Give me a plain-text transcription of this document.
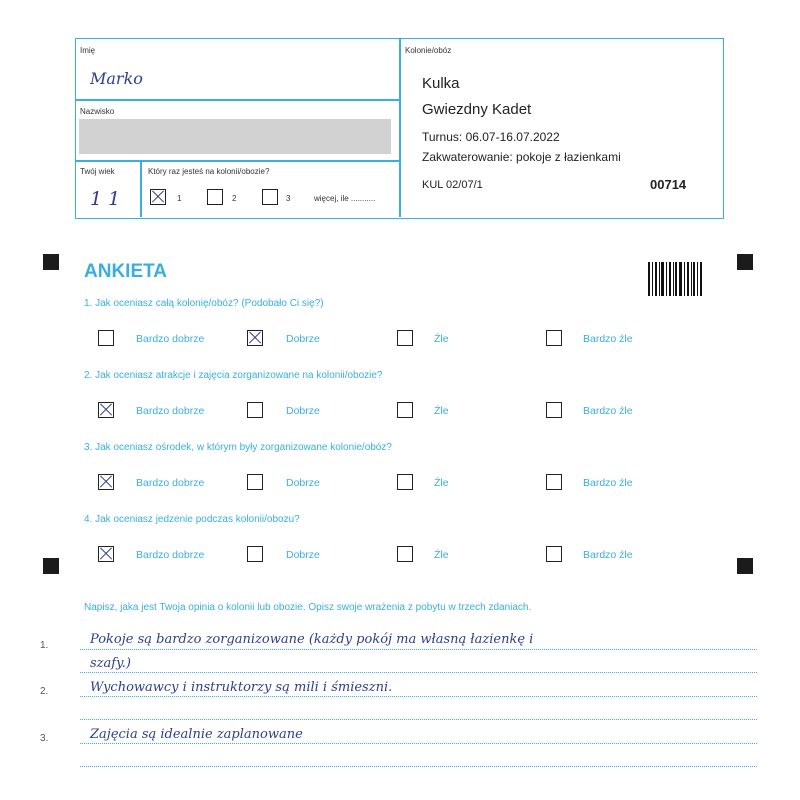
Imię
Marko
Nazwisko
Twój wiek
11
Który raz jesteś na kolonii/obozie?
1	2	3	więcej, ile ...........
Kolonie/obóz
Kulka
Gwiezdny Kadet
Turnus: 06.07-16.07.2022
Zakwaterowanie: pokoje z łazienkami
KUL 02/07/1	00714
ANKIETA
1. Jak oceniasz całą kolonię/obóz? (Podobało Ci się?)
Bardzo dobrze	Dobrze	Źle	Bardzo źle
2. Jak oceniasz atrakcje i zajęcia zorganizowane na kolonii/obozie?
Bardzo dobrze	Dobrze	Źle	Bardzo źle
3. Jak oceniasz ośrodek, w którym były zorganizowane kolonie/obóz?
Bardzo dobrze	Dobrze	Źle	Bardzo źle
4. Jak oceniasz jedzenie podczas kolonii/obozu?
Bardzo dobrze	Dobrze	Źle	Bardzo źle
Napisz, jaka jest Twoja opinia o kolonii lub obozie. Opisz swoje wrażenia z pobytu w trzech zdaniach.
1.
2.
3.
Pokoje są bardzo zorganizowane (każdy pokój ma własną łazienkę i
szafy.)
Wychowawcy i instruktorzy są mili i śmieszni.
Zajęcia są idealnie zaplanowane
